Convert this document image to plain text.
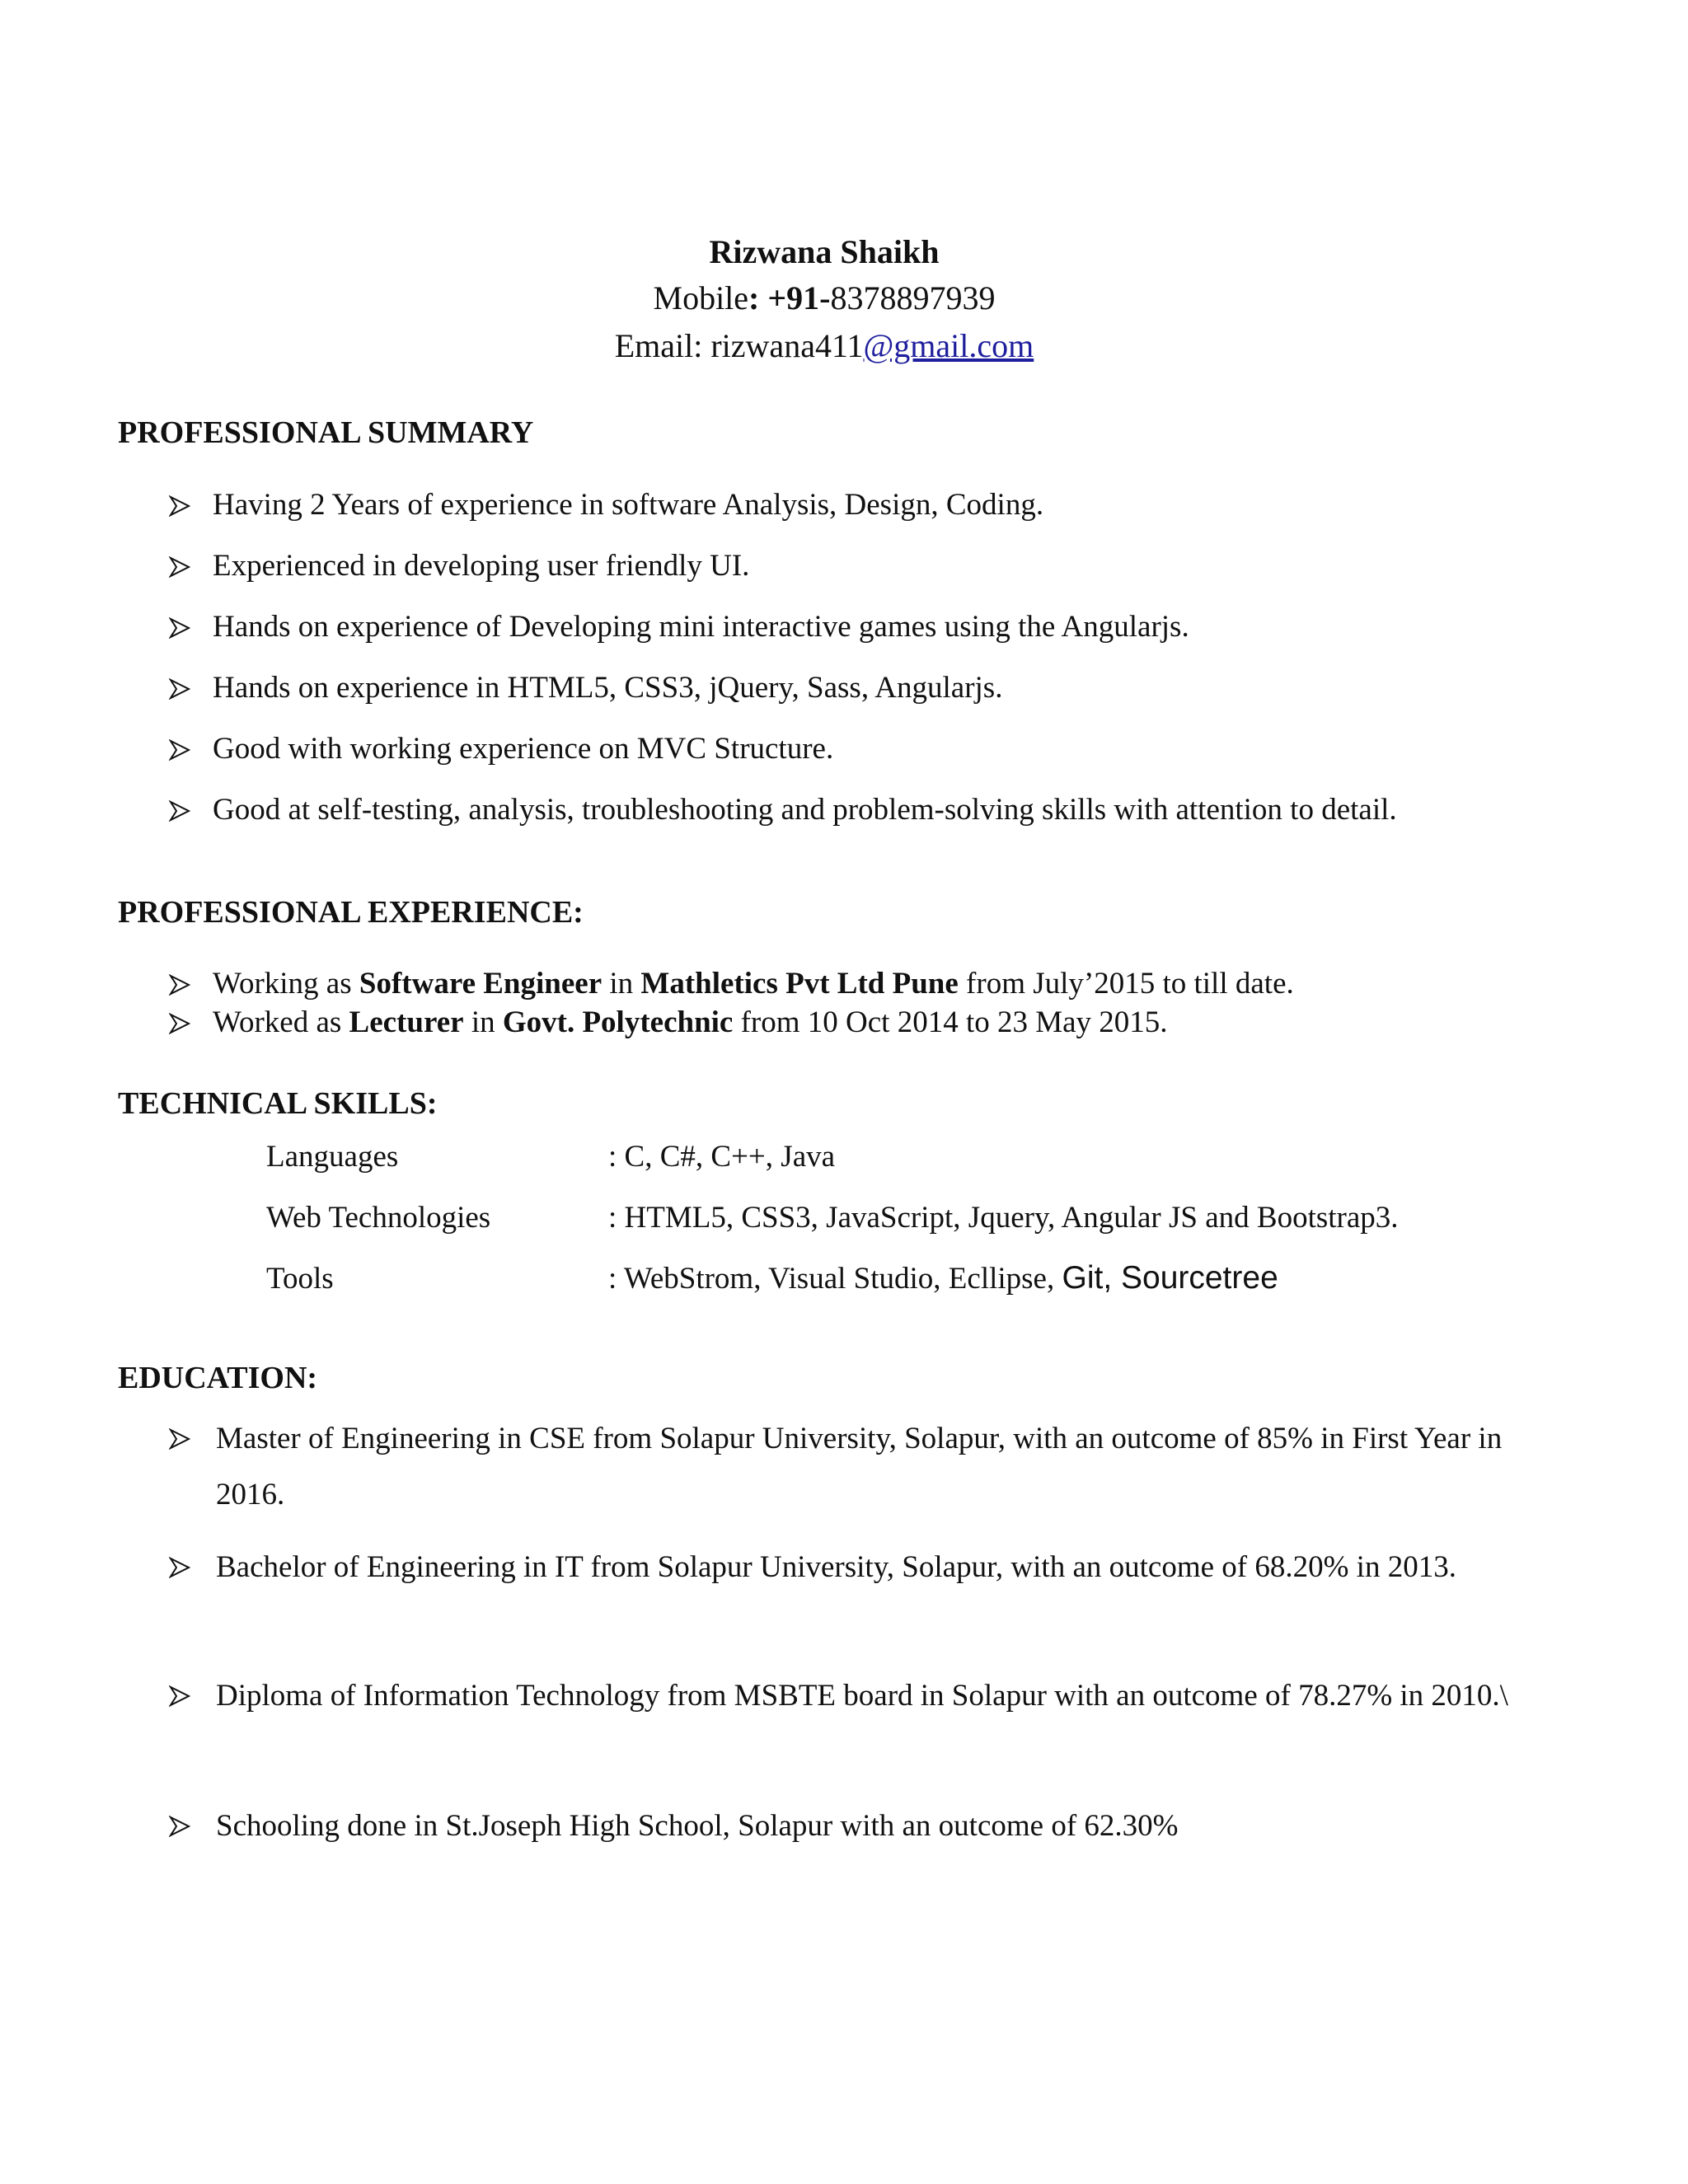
Rizwana Shaikh
Mobile: +91-8378897939
Email: rizwana411@gmail.com
PROFESSIONAL SUMMARY
Having 2 Years of experience in software Analysis, Design, Coding.
Experienced in developing user friendly UI.
Hands on experience of Developing mini interactive games using the Angularjs.
Hands on experience in HTML5, CSS3, jQuery, Sass, Angularjs.
Good with working experience on MVC Structure.
Good at self-testing, analysis, troubleshooting and problem-solving skills with attention to detail.
PROFESSIONAL EXPERIENCE:
Working as Software Engineer in Mathletics Pvt Ltd Pune from July’2015 to till date.
Worked as Lecturer in Govt. Polytechnic from 10 Oct 2014 to 23 May 2015.
TECHNICAL SKILLS:
Languages	: C, C#, C++, Java
Web Technologies	: HTML5, CSS3, JavaScript, Jquery, Angular JS and Bootstrap3.
Tools	: WebStrom, Visual Studio, Ecllipse, Git, Sourcetree
EDUCATION:
Master of Engineering in CSE from Solapur University, Solapur, with an outcome of 85% in First Year in 2016.
Bachelor of Engineering in IT from Solapur University, Solapur, with an outcome of 68.20% in 2013.
Diploma of Information Technology from MSBTE board in Solapur with an outcome of 78.27% in 2010.\
Schooling done in St.Joseph High School, Solapur with an outcome of 62.30%
